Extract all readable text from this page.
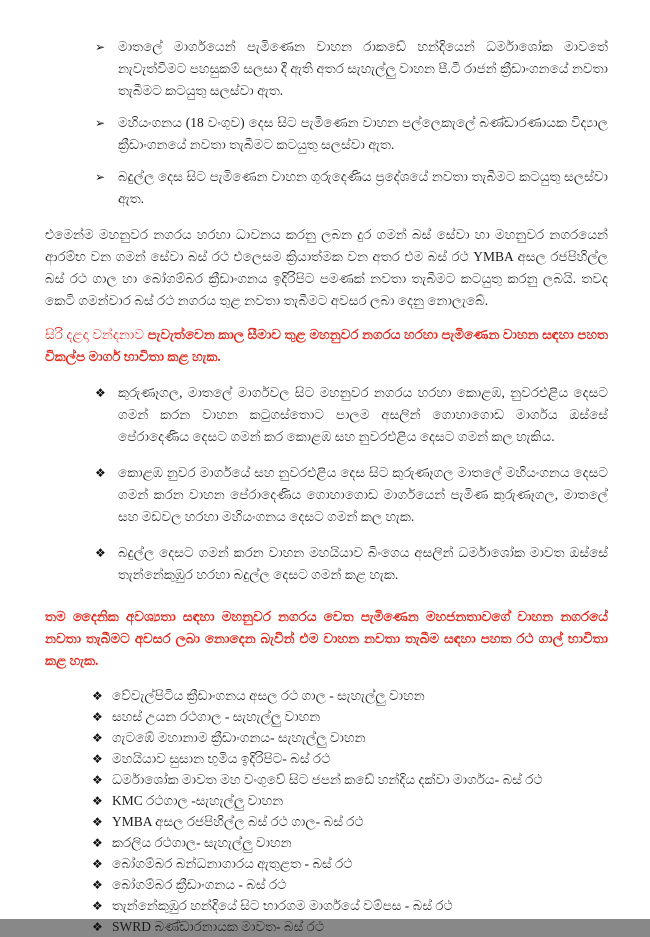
➢ මාතලේ මාර්ගයෙන් පැමිණෙන වාහන රාකඩේ හන්දියෙන් ධර්මාශෝක මාවතේ නැවැත්වීමට පහසුකම් සලසා දී ඇති අතර සැහැල්ලු වාහන පී.ටී රාජන් ක්‍රීඩාංගනයේ නවතා තැබීමට කටයුතු සලස්වා ඇත.
➢ මහියංගනය (18 වංගුව) දෙස සිට පැමිණෙන වාහන පල්ලෙකැලේ බණ්ඩාරණායක විද්‍යාල ක්‍රීඩාංගනයේ නවතා තැබීමට කටයුතු සලස්වා ඇත.
➢ බදුල්ල දෙස සිට පැමිණෙන වාහන ගුරුදෙණිය ප්‍රදේශයේ නවතා තැබීමට කටයුතු සලස්වා ඇත.

එමෙන්ම මහනුවර නගරය හරහා ධාවනය කරනු ලබන දුර ගමන් බස් සේවා හා මහනුවර නගරයෙන් ආරම්භ වන ගමන් සේවා බස් රථ එලෙසම ක්‍රියාත්මක වන අතර එම බස් රථ YMBA අසල රජපිහිල්ල බස් රථ ගාල හා බෝගම්බර ක්‍රීඩාංගනය ඉදිරිපිට පමණක් නවතා තැබීමට කටයුතු කරනු ලබයි. තවද කෙටි ගමන්වාර බස් රථ නගරය තුළ නවතා තැබීමට අවසර ලබා දෙනු නොලැබේ.

සිරි දළදා වන්දනාව පැවැත්වෙන කාල සීමාව තුළ මහනුවර නගරය හරහා පැමිණෙන වාහන සඳහා පහත විකල්ප මාර්ග භාවිතා කළ හැක.

❖ කුරුණෑගල, මාතලේ මාර්ගවල සිට මහනුවර නගරය හරහා කොළඹ, නුවරඑළිය දෙසට ගමන් කරන වාහන කටුගස්තොට පාලම අසලින් ගොහාගොඩ මාර්ගය ඔස්සේ පේරාදෙණිය දෙසට ගමන් කර කොළඹ සහ නුවරඑළිය දෙසට ගමන් කල හැකිය.
❖ කොළඹ නුවර මාර්ගයේ සහ නුවරඑළිය දෙස සිට කුරුණෑගල මාතලේ මහියංගනය දෙසට ගමන් කරන වාහන පේරාදෙණිය ගොහාගොඩ මාර්ගයෙන් පැමිණ කුරුණෑගල, මාතලේ සහ මඩවල හරහා මහියංගනය දෙසට ගමන් කල හැක.
❖ බදුල්ල දෙසට ගමන් කරන වාහන මහයියාව බිංගෙය අසලින් ධර්මාශෝක මාවත ඔස්සේ තැන්නේකුඹුර හරහා බදුල්ල දෙසට ගමන් කළ හැක.

තම දෛනික අවශ්‍යතා සඳහා මහනුවර නගරය වෙත පැමිණෙන මහජනතාවගේ වාහන නගරයේ නවතා තැබීමට අවසර ලබා නොදෙන බැවින් එම වාහන නවතා තැබීම සඳහා පහත රථ ගාල් භාවිතා කළ හැක.

❖ වේවැල්පිටිය ක්‍රීඩාංගනය අසල රථ ගාල - සැහැල්ලු වාහන
❖ සහස් උයන රථගාල - සැහැල්ලු වාහන
❖ ගැටඹේ මහානාම ක්‍රීඩාංගනය- සැහැල්ලු වාහන
❖ මහයියාව සුසාන භුමිය ඉදිරිපිට- බස් රථ
❖ ධර්මාශෝක මාවත මහ වංගුවේ සිට ජපන් කඩේ හන්දිය දක්වා මාර්ගය- බස් රථ
❖ KMC රථගාල -සැහැල්ලු වාහන
❖ YMBA අසල රජපිහිල්ල බස් රථ ගාල- බස් රථ
❖ කරලිය රථගාල- සැහැල්ලු වාහන
❖ බෝගම්බර බන්ධනාගාරය ඇතුළත - බස් රථ
❖ බෝගම්බර ක්‍රීඩාංගනය - බස් රථ
❖ තැන්නේකුඹුර හන්දියේ සිට භාරගම මාර්ගයේ වම්පස - බස් රථ
❖ SWRD බණ්ඩාරනායක මාවත- බස් රථ
